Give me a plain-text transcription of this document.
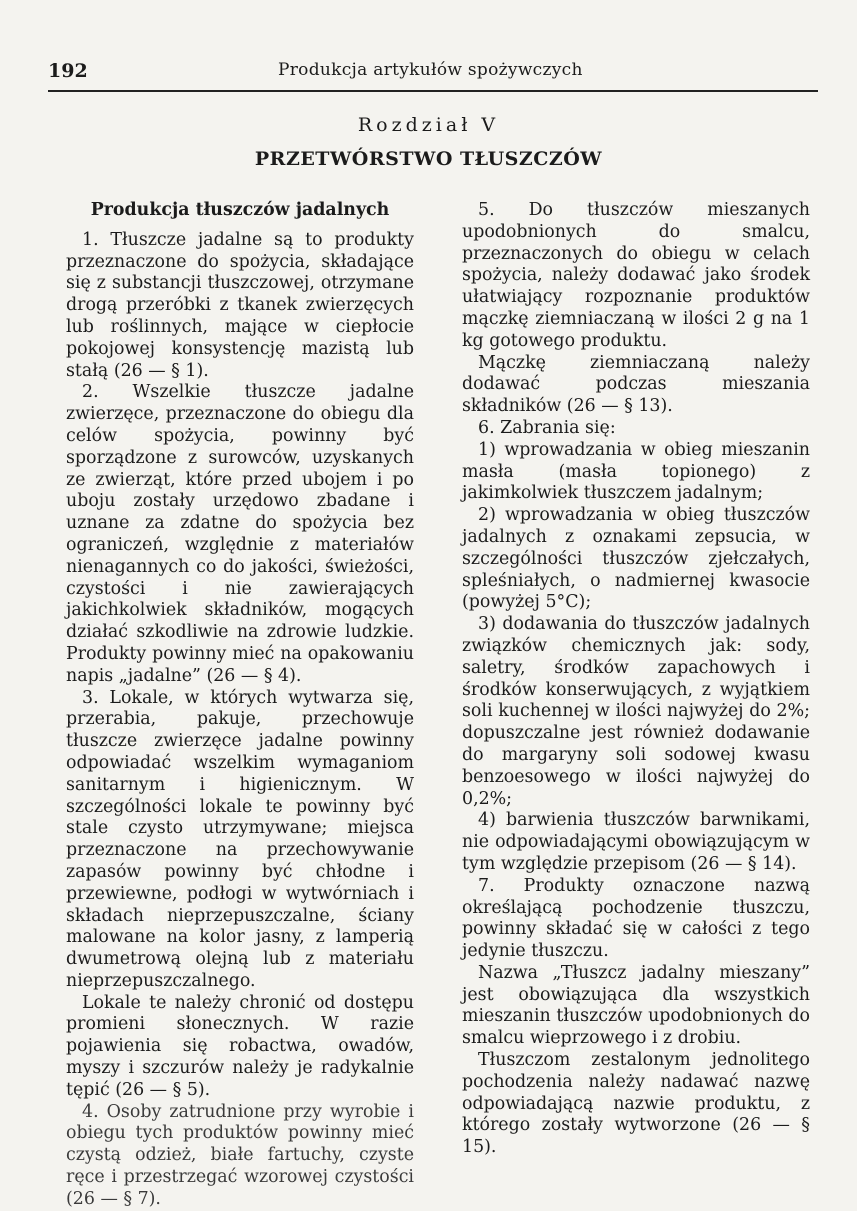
192	Produkcja artykułów spożywczych
Rozdział V
PRZETWÓRSTWO TŁUSZCZÓW
Produkcja tłuszczów jadalnych

1. Tłuszcze jadalne są to produkty przeznaczone do spożycia, składające się z substancji tłuszczowej, otrzymane drogą przeróbki z tkanek zwierzęcych lub roślinnych, mające w ciepłocie pokojowej konsystencję mazistą lub stałą (26 — § 1).

2. Wszelkie tłuszcze jadalne zwierzęce, przeznaczone do obiegu dla celów spożycia, powinny być sporządzone z surowców, uzyskanych ze zwierząt, które przed ubojem i po uboju zostały urzędowo zbadane i uznane za zdatne do spożycia bez ograniczeń, względnie z materiałów nienagannych co do jakości, świeżości, czystości i nie zawierających jakichkolwiek składników, mogących działać szkodliwie na zdrowie ludzkie. Produkty powinny mieć na opakowaniu napis „jadalne” (26 — § 4).

3. Lokale, w których wytwarza się, przerabia, pakuje, przechowuje tłuszcze zwierzęce jadalne powinny odpowiadać wszelkim wymaganiom sanitarnym i higienicznym. W szczególności lokale te powinny być stale czysto utrzymywane; miejsca przeznaczone na przechowywanie zapasów powinny być chłodne i przewiewne, podłogi w wytwórniach i składach nieprzepuszczalne, ściany malowane na kolor jasny, z lamperią dwumetrową olejną lub z materiału nieprzepuszczalnego.

Lokale te należy chronić od dostępu promieni słonecznych. W razie pojawienia się robactwa, owadów, myszy i szczurów należy je radykalnie tępić (26 — § 5).

4. Osoby zatrudnione przy wyrobie i obiegu tych produktów powinny mieć czystą odzież, białe fartuchy, czyste ręce i przestrzegać wzorowej czystości (26 — § 7).

5. Do tłuszczów mieszanych upodobnionych do smalcu, przeznaczonych do obiegu w celach spożycia, należy dodawać jako środek ułatwiający rozpoznanie produktów mączkę ziemniaczaną w ilości 2 g na 1 kg gotowego produktu.

Mączkę ziemniaczaną należy dodawać podczas mieszania składników (26 — § 13).

6. Zabrania się:

1) wprowadzania w obieg mieszanin masła (masła topionego) z jakimkolwiek tłuszczem jadalnym;

2) wprowadzania w obieg tłuszczów jadalnych z oznakami zepsucia, w szczególności tłuszczów zjełczałych, spleśniałych, o nadmiernej kwasocie (powyżej 5°C);

3) dodawania do tłuszczów jadalnych związków chemicznych jak: sody, saletry, środków zapachowych i środków konserwujących, z wyjątkiem soli kuchennej w ilości najwyżej do 2%; dopuszczalne jest również dodawanie do margaryny soli sodowej kwasu benzoesowego w ilości najwyżej do 0,2%;

4) barwienia tłuszczów barwnikami, nie odpowiadającymi obowiązującym w tym względzie przepisom (26 — § 14).

7. Produkty oznaczone nazwą określającą pochodzenie tłuszczu, powinny składać się w całości z tego jedynie tłuszczu.

Nazwa „Tłuszcz jadalny mieszany” jest obowiązująca dla wszystkich mieszanin tłuszczów upodobnionych do smalcu wieprzowego i z drobiu.

Tłuszczom zestalonym jednolitego pochodzenia należy nadawać nazwę odpowiadającą nazwie produktu, z którego zostały wytworzone (26 — § 15).
